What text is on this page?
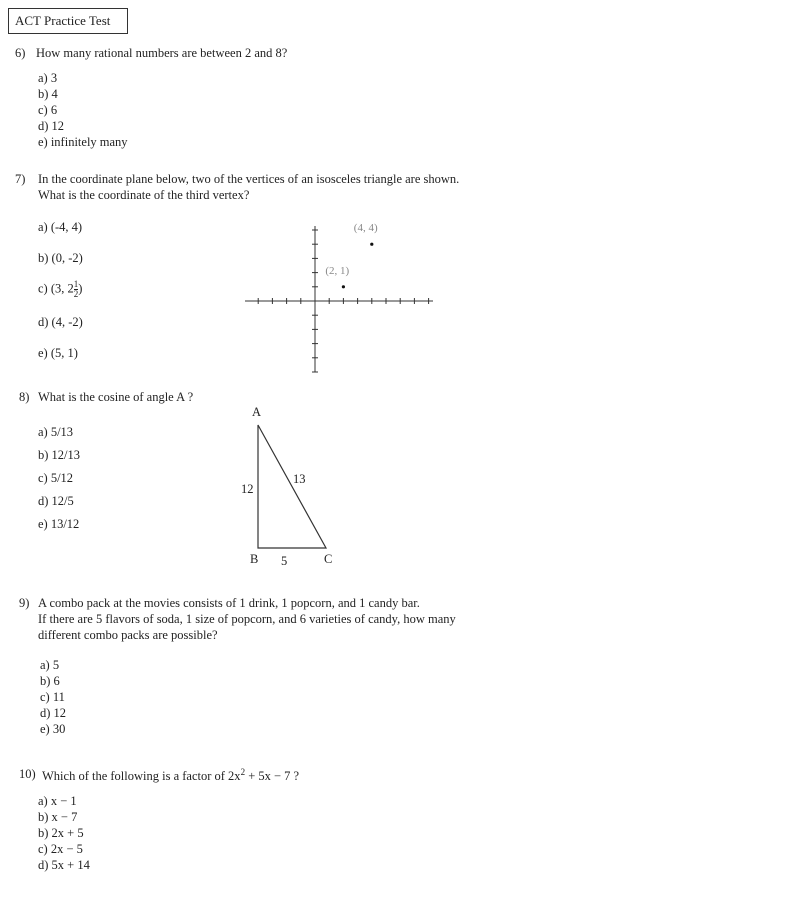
ACT Practice Test
6) How many rational numbers are between 2 and 8?
a) 3
b) 4
c) 6
d) 12
e) infinitely many
7) In the coordinate plane below, two of the vertices of an isosceles triangle are shown.
What is the coordinate of the third vertex?
a) (-4, 4)
b) (0, -2)
c) (3, $2 \frac{1}{2}$ )
d) (4, -2)
e) (5, 1)
(2, 1)
(4, 4)
8) What is the cosine of angle A ?
a) 5/13
b) 12/13
c) 5/12
d) 12/5
e) 13/12
A
B	C
12
5
13
9) A combo pack at the movies consists of 1 drink, 1 popcorn, and 1 candy bar.
If there are 5 flavors of soda, 1 size of popcorn, and 6 varieties of candy, how many
different combo packs are possible?
a) 5
b) 6
c) 11
d) 12
e) 30
10) Which of the following is a factor of $2x^2 + 5x - 7$ ?
a) x − 1
b) x − 7
b) 2x + 5
c) 2x − 5
d) 5x + 14
